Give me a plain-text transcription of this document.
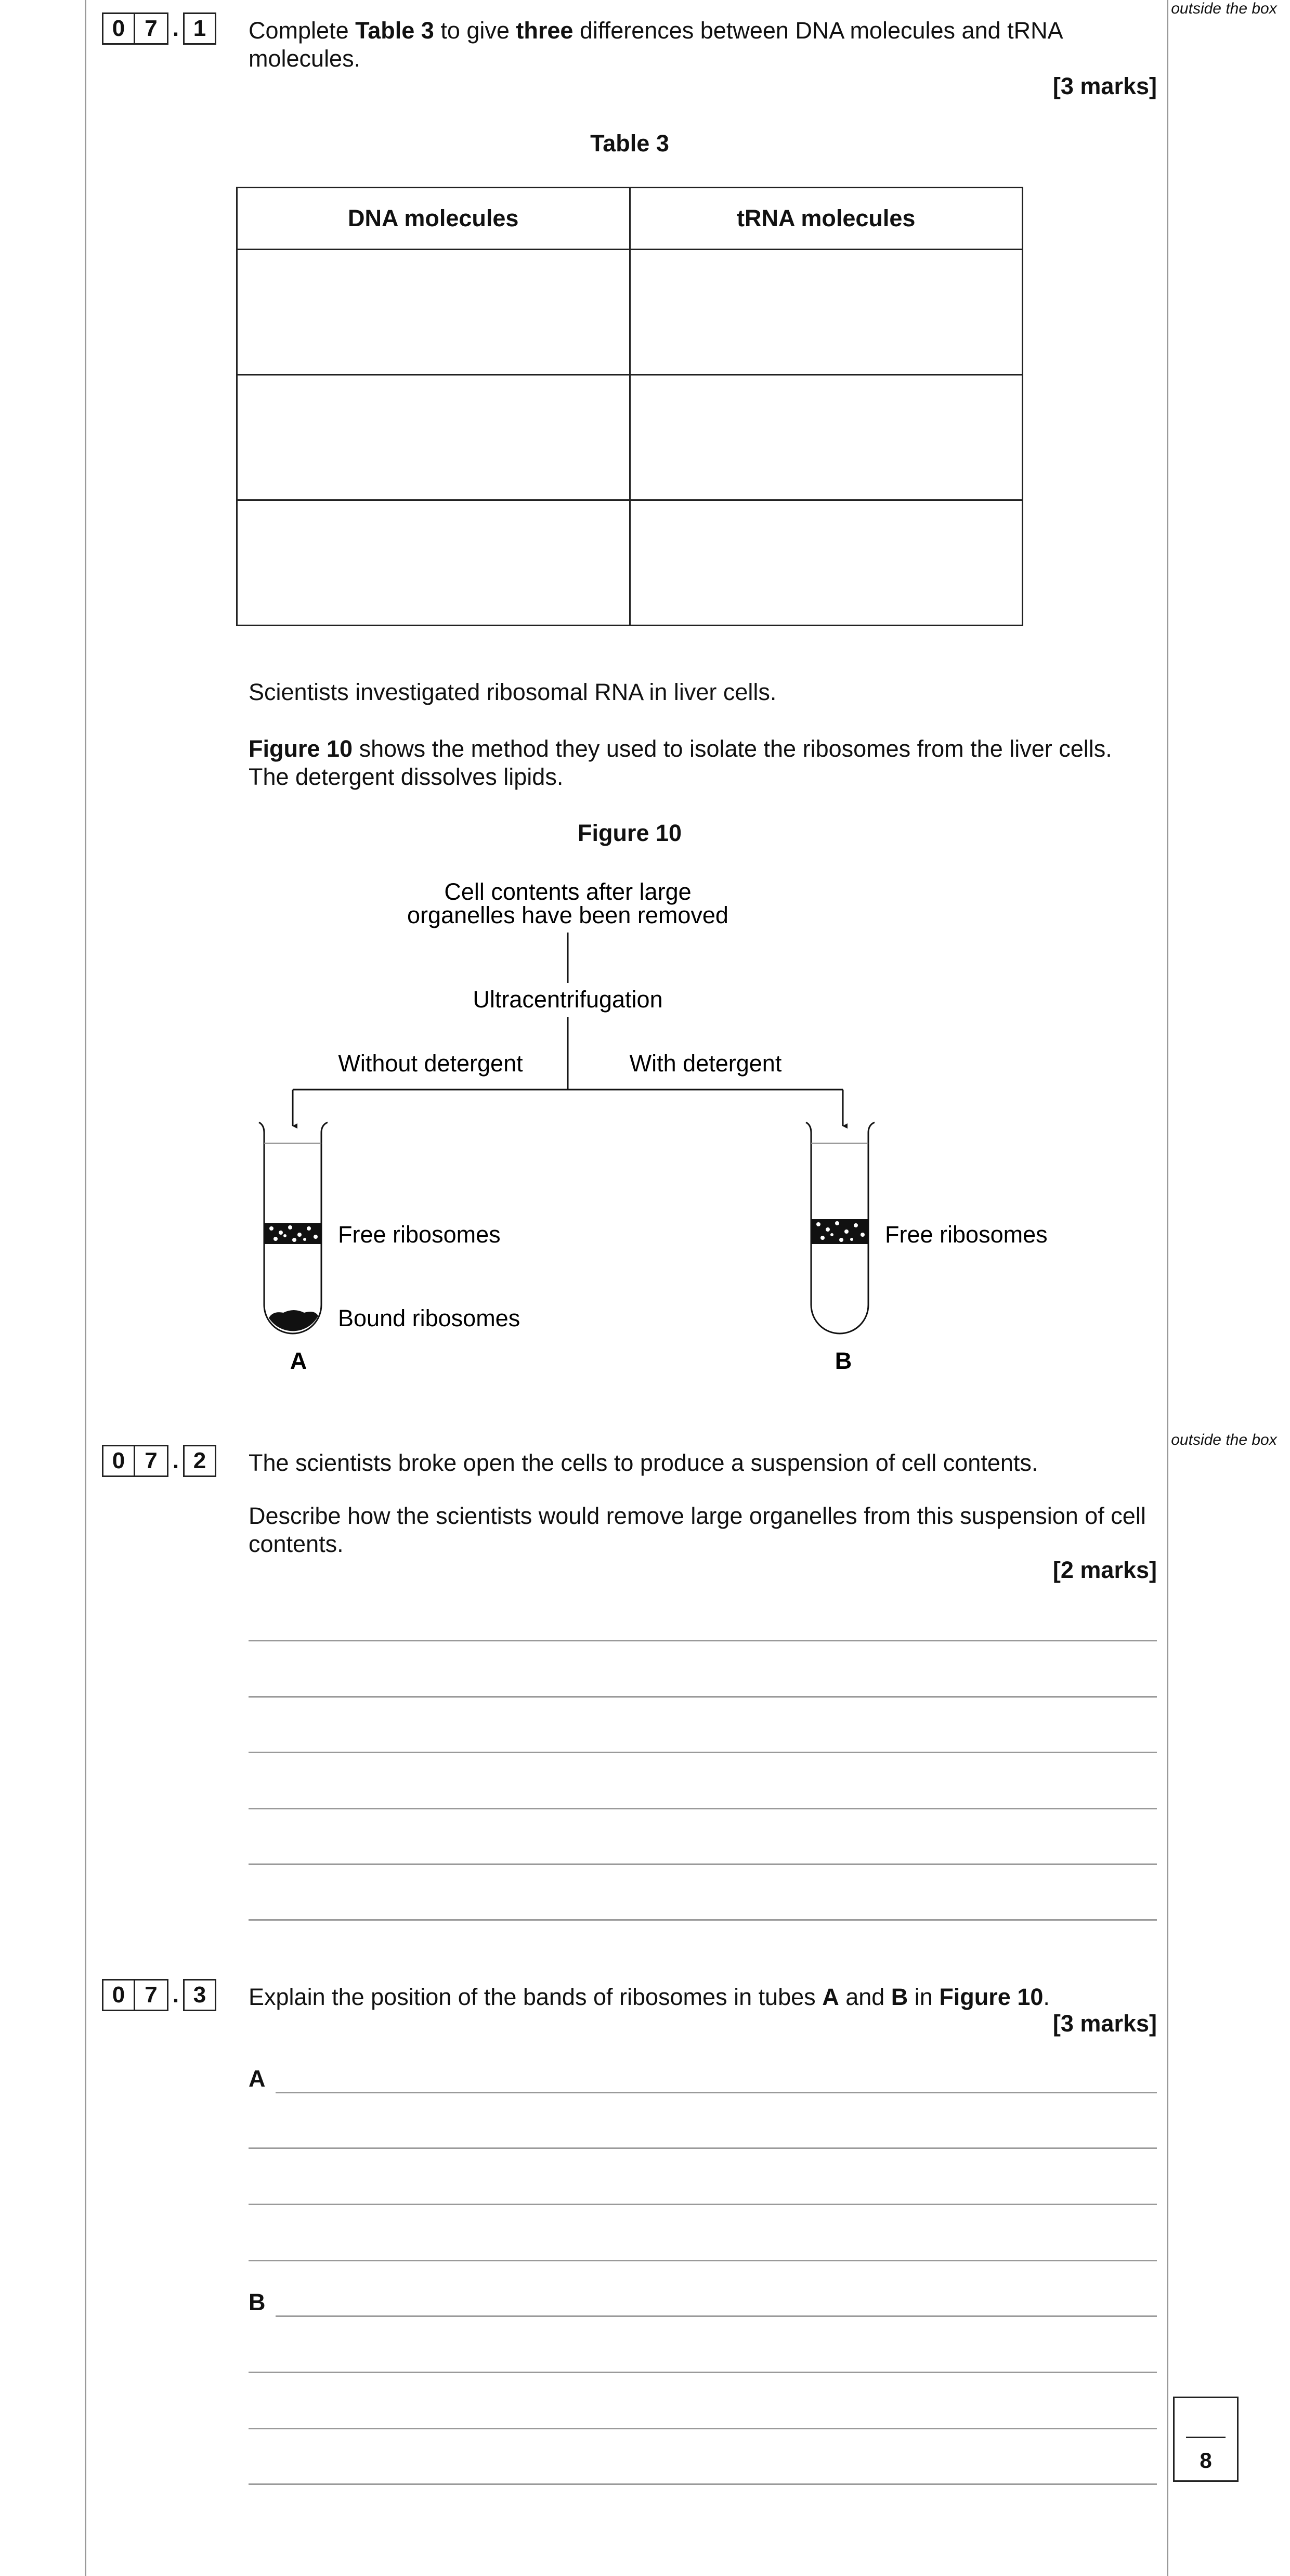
outside the box
outside the box
0 7 . 1	Complete Table 3 to give three differences between DNA molecules and tRNA molecules.
[3 marks]
Table 3
DNA molecules	tRNA molecules

Scientists investigated ribosomal RNA in liver cells.
Figure 10 shows the method they used to isolate the ribosomes from the liver cells.
The detergent dissolves lipids.
Figure 10
Cell contents after large
organelles have been removed
Ultracentrifugation
Without detergent	With detergent
Free ribosomes
Bound ribosomes
Free ribosomes
A	B
0 7 . 2	The scientists broke open the cells to produce a suspension of cell contents.
Describe how the scientists would remove large organelles from this suspension of cell contents.
[2 marks]
0 7 . 3	Explain the position of the bands of ribosomes in tubes A and B in Figure 10.
[3 marks]
A
B
8
